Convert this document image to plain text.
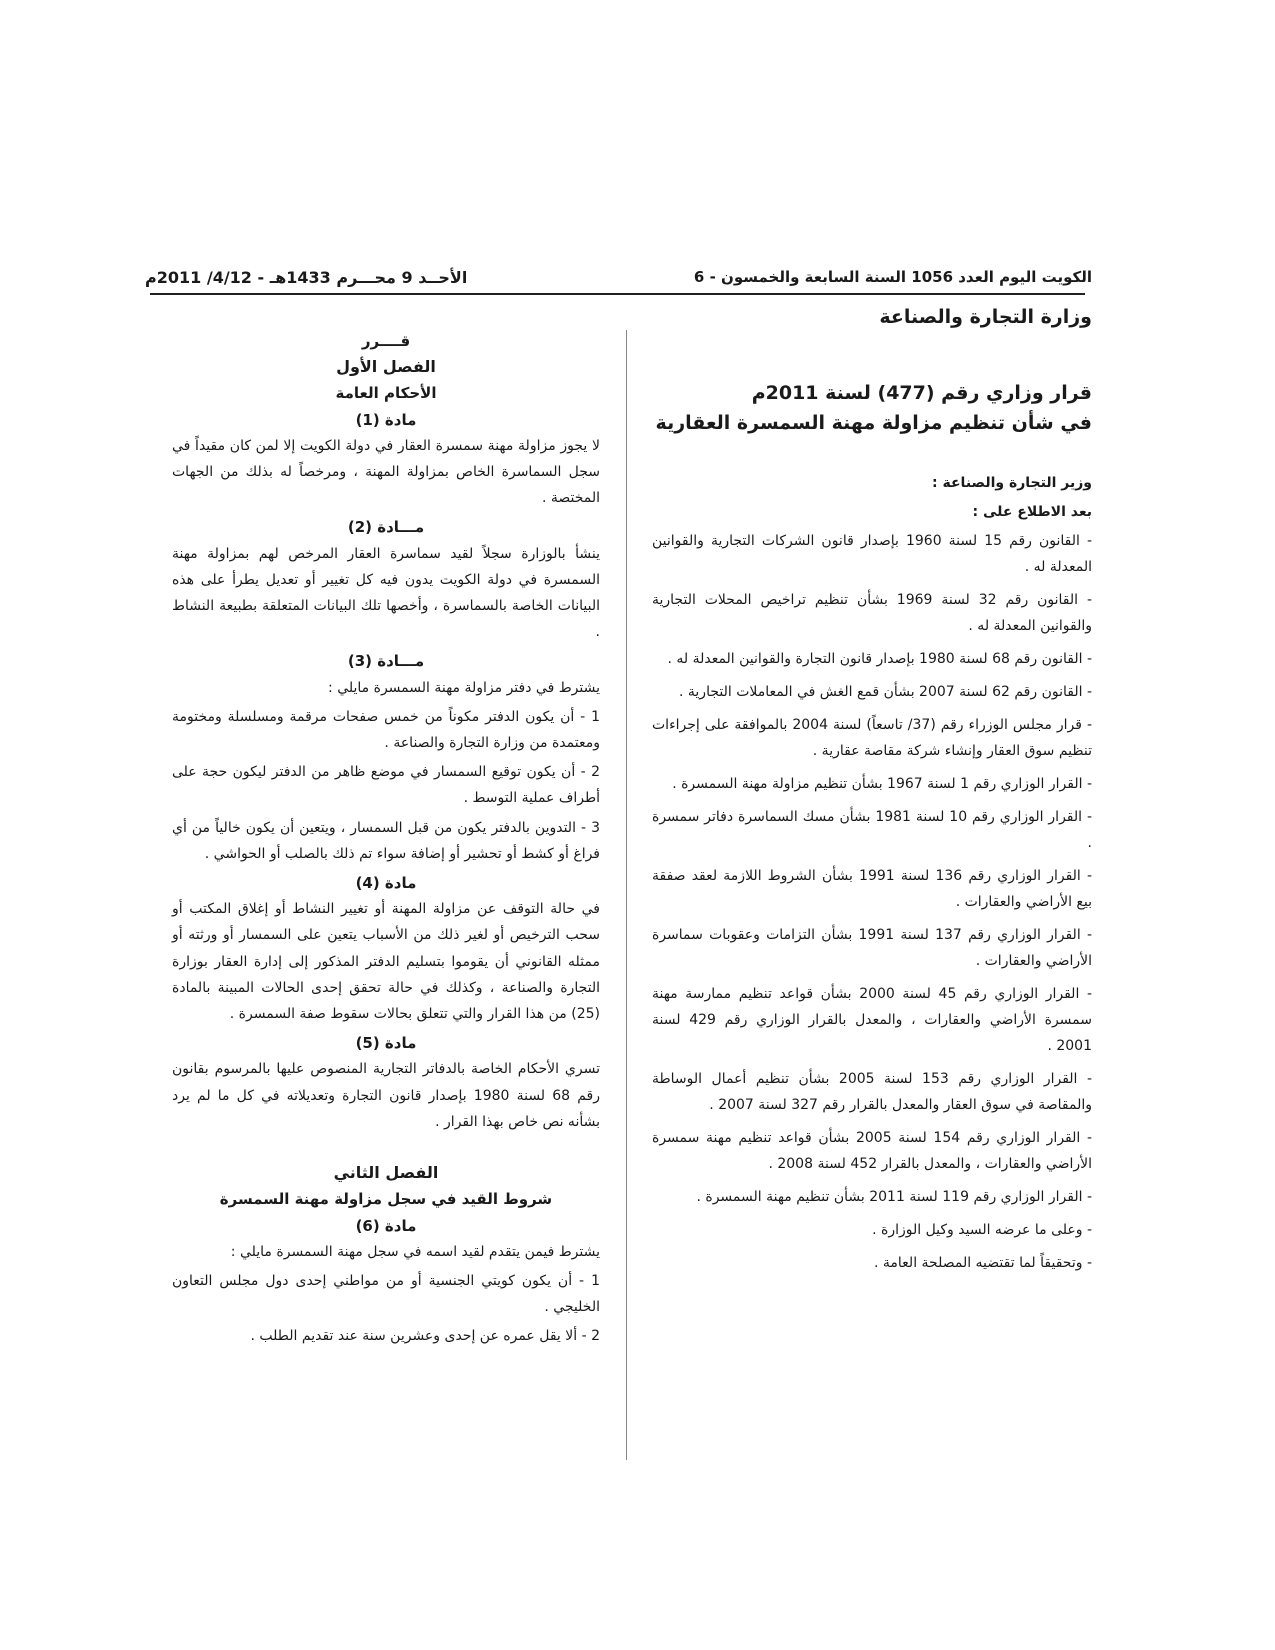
الكويت اليوم العدد 1056 السنة السابعة والخمسون - 6
الأحــد 9 محـــرم 1433هـ - 4/12/ 2011م
وزارة التجارة والصناعة
قرار وزاري رقم (477) لسنة 2011م
في شأن تنظيم مزاولة مهنة السمسرة العقارية

وزير التجارة والصناعة :

بعد الاطلاع على :

- القانون رقم 15 لسنة 1960 بإصدار قانون الشركات التجارية والقوانين المعدلة له .

- القانون رقم 32 لسنة 1969 بشأن تنظيم تراخيص المحلات التجارية والقوانين المعدلة له .

- القانون رقم 68 لسنة 1980 بإصدار قانون التجارة والقوانين المعدلة له .

- القانون رقم 62 لسنة 2007 بشأن قمع الغش في المعاملات التجارية .

- قرار مجلس الوزراء رقم (37/ تاسعاً) لسنة 2004 بالموافقة على إجراءات تنظيم سوق العقار وإنشاء شركة مقاصة عقارية .

- القرار الوزاري رقم 1 لسنة 1967 بشأن تنظيم مزاولة مهنة السمسرة .

- القرار الوزاري رقم 10 لسنة 1981 بشأن مسك السماسرة دفاتر سمسرة .

- القرار الوزاري رقم 136 لسنة 1991 بشأن الشروط اللازمة لعقد صفقة بيع الأراضي والعقارات .

- القرار الوزاري رقم 137 لسنة 1991 بشأن التزامات وعقوبات سماسرة الأراضي والعقارات .

- القرار الوزاري رقم 45 لسنة 2000 بشأن قواعد تنظيم ممارسة مهنة سمسرة الأراضي والعقارات ، والمعدل بالقرار الوزاري رقم 429 لسنة 2001 .

- القرار الوزاري رقم 153 لسنة 2005 بشأن تنظيم أعمال الوساطة والمقاصة في سوق العقار والمعدل بالقرار رقم 327 لسنة 2007 .

- القرار الوزاري رقم 154 لسنة 2005 بشأن قواعد تنظيم مهنة سمسرة الأراضي والعقارات ، والمعدل بالقرار 452 لسنة 2008 .

- القرار الوزاري رقم 119 لسنة 2011 بشأن تنظيم مهنة السمسرة .

- وعلى ما عرضه السيد وكيل الوزارة .

- وتحقيقاً لما تقتضيه المصلحة العامة .

قــــرر

الفصل الأول

الأحكام العامة

مادة (1)

لا يجوز مزاولة مهنة سمسرة العقار في دولة الكويت إلا لمن كان مقيداً في سجل السماسرة الخاص بمزاولة المهنة ، ومرخصاً له بذلك من الجهات المختصة .

مـــادة (2)

ينشأ بالوزارة سجلاً لقيد سماسرة العقار المرخص لهم بمزاولة مهنة السمسرة في دولة الكويت يدون فيه كل تغيير أو تعديل يطرأ على هذه البيانات الخاصة بالسماسرة ، وأخصها تلك البيانات المتعلقة بطبيعة النشاط .

مـــادة (3)

يشترط في دفتر مزاولة مهنة السمسرة مايلي :

1 - أن يكون الدفتر مكوناً من خمس صفحات مرقمة ومسلسلة ومختومة ومعتمدة من وزارة التجارة والصناعة .

2 - أن يكون توقيع السمسار في موضع ظاهر من الدفتر ليكون حجة على أطراف عملية التوسط .

3 - التدوين بالدفتر يكون من قبل السمسار ، ويتعين أن يكون خالياً من أي فراغ أو كشط أو تحشير أو إضافة سواء تم ذلك بالصلب أو الحواشي .

مادة (4)

في حالة التوقف عن مزاولة المهنة أو تغيير النشاط أو إغلاق المكتب أو سحب الترخيص أو لغير ذلك من الأسباب يتعين على السمسار أو ورثته أو ممثله القانوني أن يقوموا بتسليم الدفتر المذكور إلى إدارة العقار بوزارة التجارة والصناعة ، وكذلك في حالة تحقق إحدى الحالات المبينة بالمادة (25) من هذا القرار والتي تتعلق بحالات سقوط صفة السمسرة .

مادة (5)

تسري الأحكام الخاصة بالدفاتر التجارية المنصوص عليها بالمرسوم بقانون رقم 68 لسنة 1980 بإصدار قانون التجارة وتعديلاته في كل ما لم يرد بشأنه نص خاص بهذا القرار .

الفصل الثاني

شروط القيد في سجل مزاولة مهنة السمسرة

مادة (6)

يشترط فيمن يتقدم لقيد اسمه في سجل مهنة السمسرة مايلي :

1 - أن يكون كويتي الجنسية أو من مواطني إحدى دول مجلس التعاون الخليجي .

2 - ألا يقل عمره عن إحدى وعشرين سنة عند تقديم الطلب .
